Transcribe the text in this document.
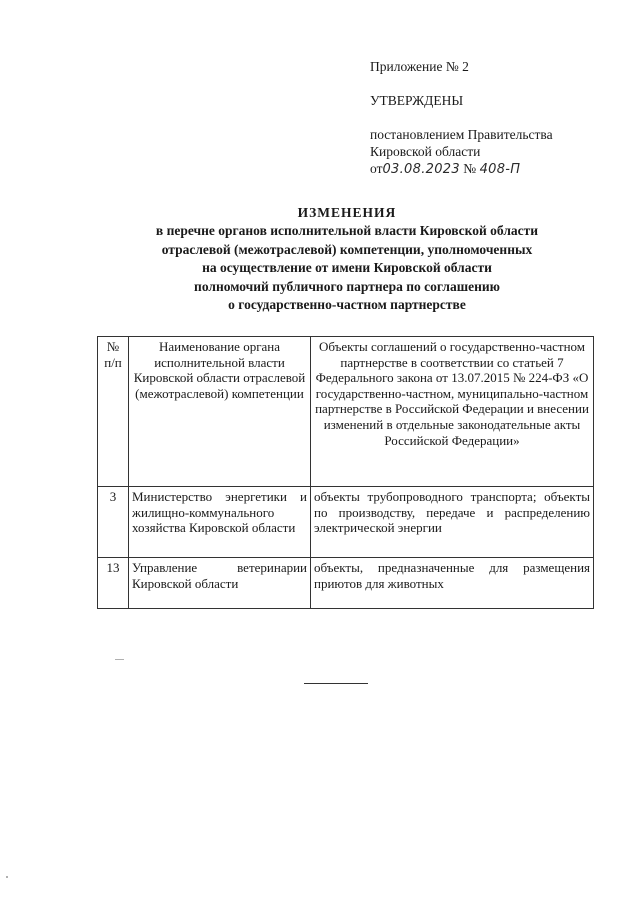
Приложение № 2
УТВЕРЖДЕНЫ
постановлением Правительства
Кировской области
от03.08.2023 № 408-П
ИЗМЕНЕНИЯ
в перечне органов исполнительной власти Кировской области
отраслевой (межотраслевой) компетенции, уполномоченных
на осуществление от имени Кировской области
полномочий публичного партнера по соглашению
о государственно-частном партнерстве
№ п/п	Наименование органа исполнительной власти Кировской области отраслевой (межотраслевой) компетенции	Объекты соглашений о государственно-частном партнерстве в соответствии со статьей 7 Федерального закона от 13.07.2015 № 224-ФЗ «О государственно-частном, муниципально-частном партнерстве в Российской Федерации и внесении изменений в отдельные законодательные акты Российской Федерации»
3	Министерство энергетики и жилищно-коммунального хозяйства Кировской области	объекты трубопроводного транспорта; объекты по производству, передаче и распределению электрической энергии
13	Управление ветеринарии Кировской области	объекты, предназначенные для размещения приютов для животных
